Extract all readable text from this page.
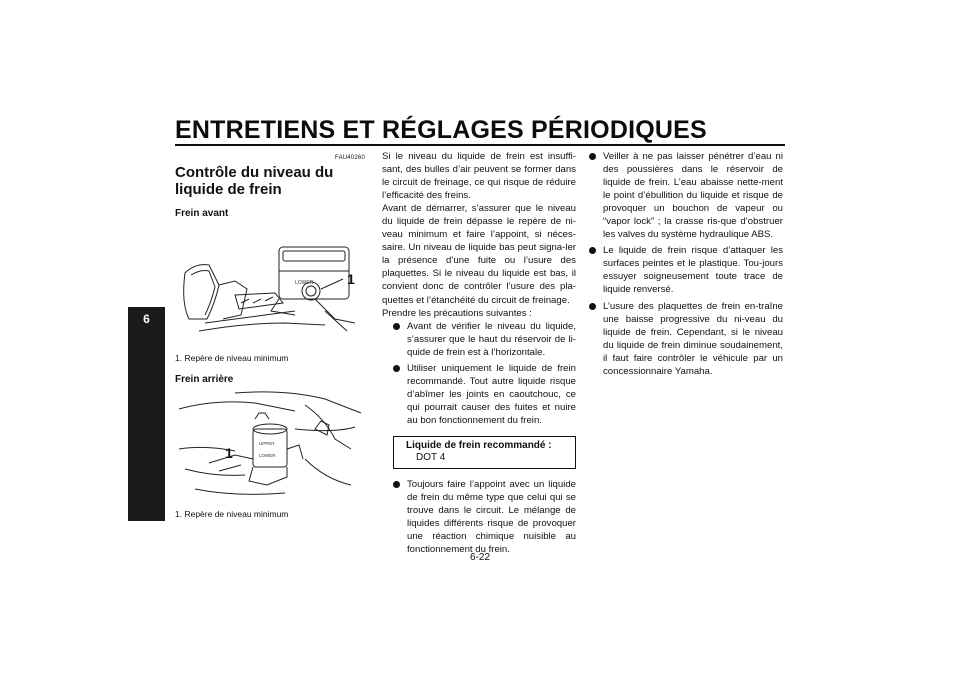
ENTRETIENS ET RÉGLAGES PÉRIODIQUES
6
FAU40260
Contrôle du niveau du liquide de frein
Frein avant
LOWER 1
1. Repère de niveau minimum
Frein arrière
UPPER
LOWER
1
1. Repère de niveau minimum

Si le niveau du liquide de frein est insuffi-sant, des bulles d’air peuvent se former dans le circuit de freinage, ce qui risque de réduire l’efficacité des freins.

Avant de démarrer, s’assurer que le niveau du liquide de frein dépasse le repère de ni-veau minimum et faire l’appoint, si néces-saire. Un niveau de liquide bas peut signa-ler la présence d’une fuite ou l’usure des plaquettes. Si le niveau du liquide est bas, il convient donc de contrôler l’usure des pla-quettes et l’étanchéité du circuit de freinage.

Prendre les précautions suivantes :

Avant de vérifier le niveau du liquide, s’assurer que le haut du réservoir de li-quide de frein est à l’horizontale.
Utiliser uniquement le liquide de frein recommandé. Tout autre liquide risque d’abîmer les joints en caoutchouc, ce qui pourrait causer des fuites et nuire au bon fonctionnement du frein.
Liquide de frein recommandé :
DOT 4
Toujours faire l’appoint avec un liquide de frein du même type que celui qui se trouve dans le circuit. Le mélange de liquides différents risque de provoquer une réaction chimique nuisible au fonctionnement du frein.
Veiller à ne pas laisser pénétrer d’eau ni des poussières dans le réservoir de liquide de frein. L’eau abaisse nette-ment le point d’ébullition du liquide et risque de provoquer un bouchon de vapeur ou “vapor lock” ; la crasse ris-que d’obstruer les valves du système hydraulique ABS.
Le liquide de frein risque d’attaquer les surfaces peintes et le plastique. Tou-jours essuyer soigneusement toute trace de liquide renversé.
L’usure des plaquettes de frein en-traîne une baisse progressive du ni-veau du liquide de frein. Cependant, si le niveau du liquide de frein diminue soudainement, il faut faire contrôler le véhicule par un concessionnaire Yamaha.
6-22
